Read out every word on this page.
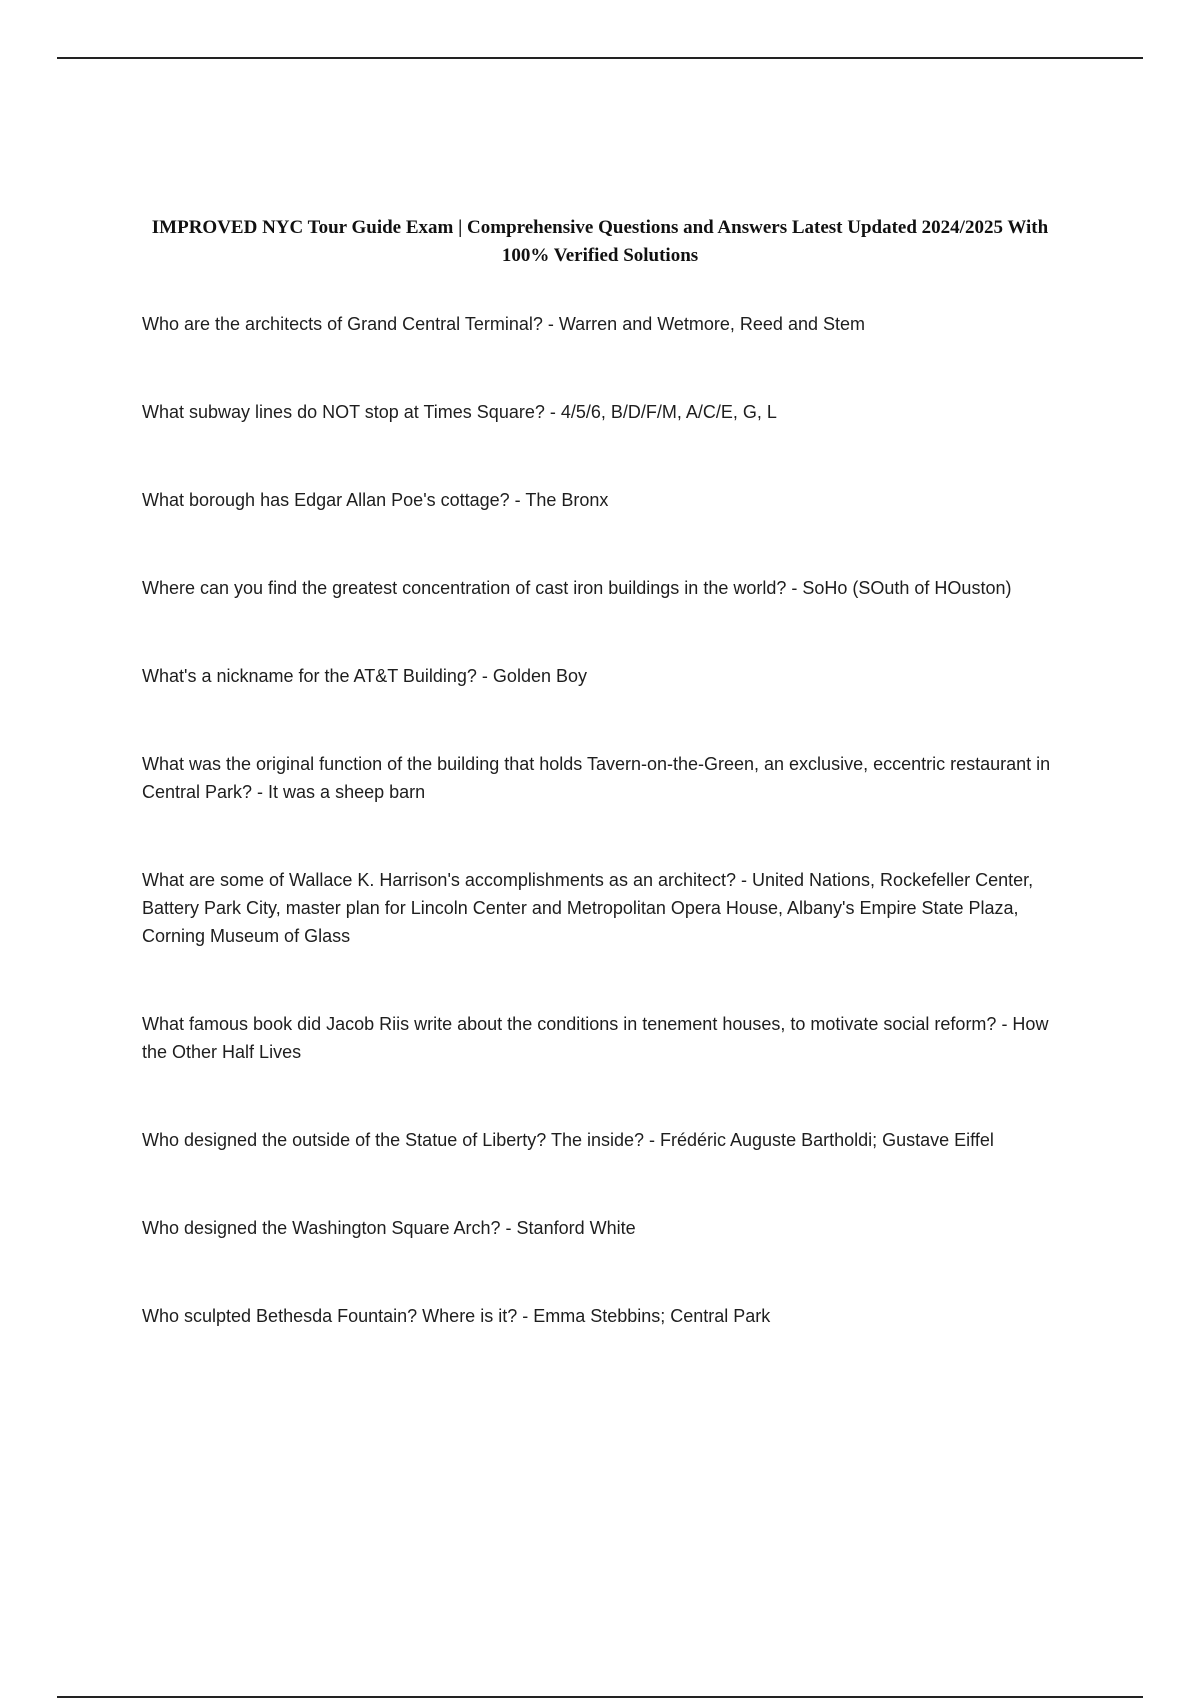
IMPROVED NYC Tour Guide Exam | Comprehensive Questions and Answers Latest Updated 2024/2025 With 100% Verified Solutions
Who are the architects of Grand Central Terminal? - Warren and Wetmore, Reed and Stem
What subway lines do NOT stop at Times Square? - 4/5/6, B/D/F/M, A/C/E, G, L
What borough has Edgar Allan Poe's cottage? - The Bronx
Where can you find the greatest concentration of cast iron buildings in the world? - SoHo (SOuth of HOuston)
What's a nickname for the AT&T Building? - Golden Boy
What was the original function of the building that holds Tavern-on-the-Green, an exclusive, eccentric restaurant in Central Park? - It was a sheep barn
What are some of Wallace K. Harrison's accomplishments as an architect? - United Nations, Rockefeller Center, Battery Park City, master plan for Lincoln Center and Metropolitan Opera House, Albany's Empire State Plaza, Corning Museum of Glass
What famous book did Jacob Riis write about the conditions in tenement houses, to motivate social reform? - How the Other Half Lives
Who designed the outside of the Statue of Liberty? The inside? - Frédéric Auguste Bartholdi; Gustave Eiffel
Who designed the Washington Square Arch? - Stanford White
Who sculpted Bethesda Fountain? Where is it? - Emma Stebbins; Central Park
